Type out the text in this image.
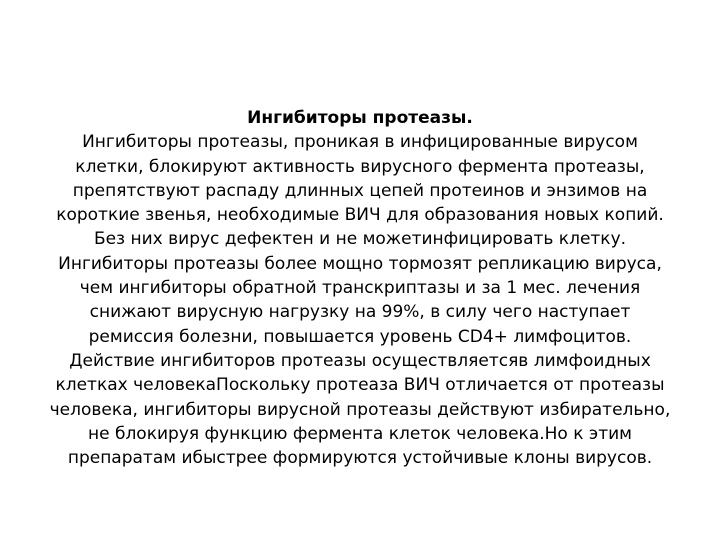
Ингибиторы протеазы.
Ингибиторы протеазы, проникая в инфицированные вирусом
клетки, блокируют активность вирусного фермента протеазы,
препятствуют распаду длинных цепей протеинов и энзимов на
короткие звенья, необходимые ВИЧ для образования новых копий.
Без них вирус дефектен и не можетинфицировать клетку.
Ингибиторы протеазы более мощно тормозят репликацию вируса,
чем ингибиторы обратной транскриптазы и за 1 мес. лечения
снижают вирусную нагрузку на 99%, в силу чего наступает
ремиссия болезни, повышается уровень CD4+ лимфоцитов.
Действие ингибиторов протеазы осуществляетсяв лимфоидных
клетках человекаПоскольку протеаза ВИЧ отличается от протеазы
человека, ингибиторы вирусной протеазы действуют избирательно,
не блокируя функцию фермента клеток человека.Но к этим
препаратам ибыстрее формируются устойчивые клоны вирусов.
